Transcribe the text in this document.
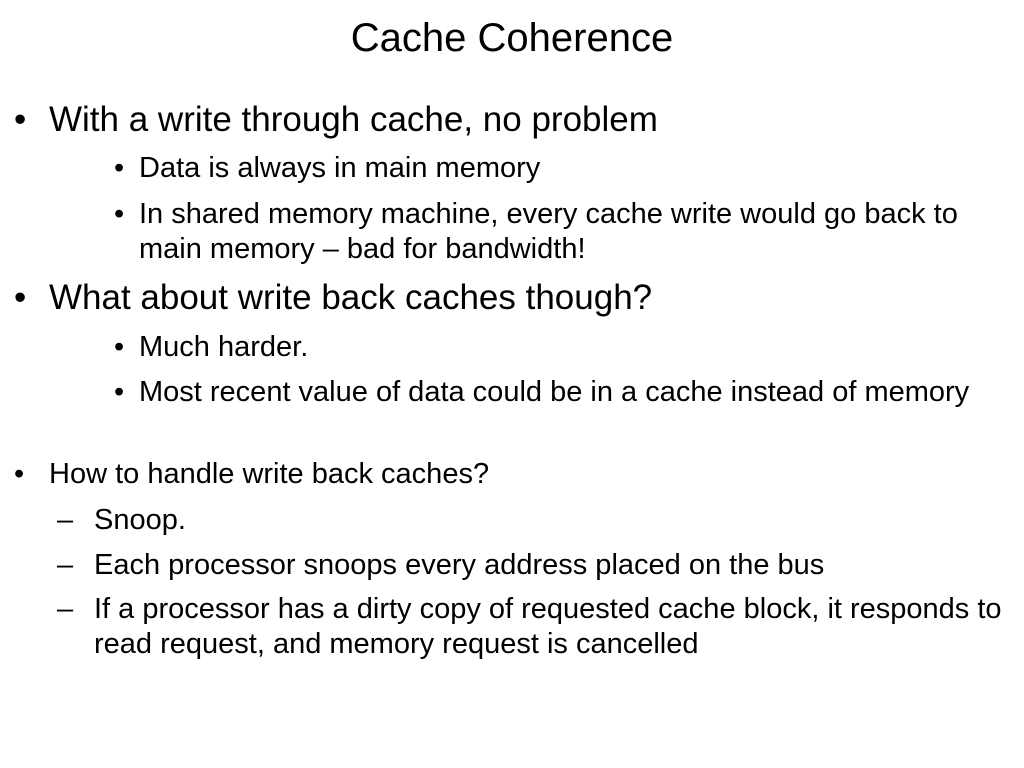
Cache Coherence
• With a write through cache, no problem
• Data is always in main memory
• In shared memory machine, every cache write would go back to main memory – bad for bandwidth!
• What about write back caches though?
• Much harder.
• Most recent value of data could be in a cache instead of memory
• How to handle write back caches?
– Snoop.
– Each processor snoops every address placed on the bus
– If a processor has a dirty copy of requested cache block, it responds to read request, and memory request is cancelled
